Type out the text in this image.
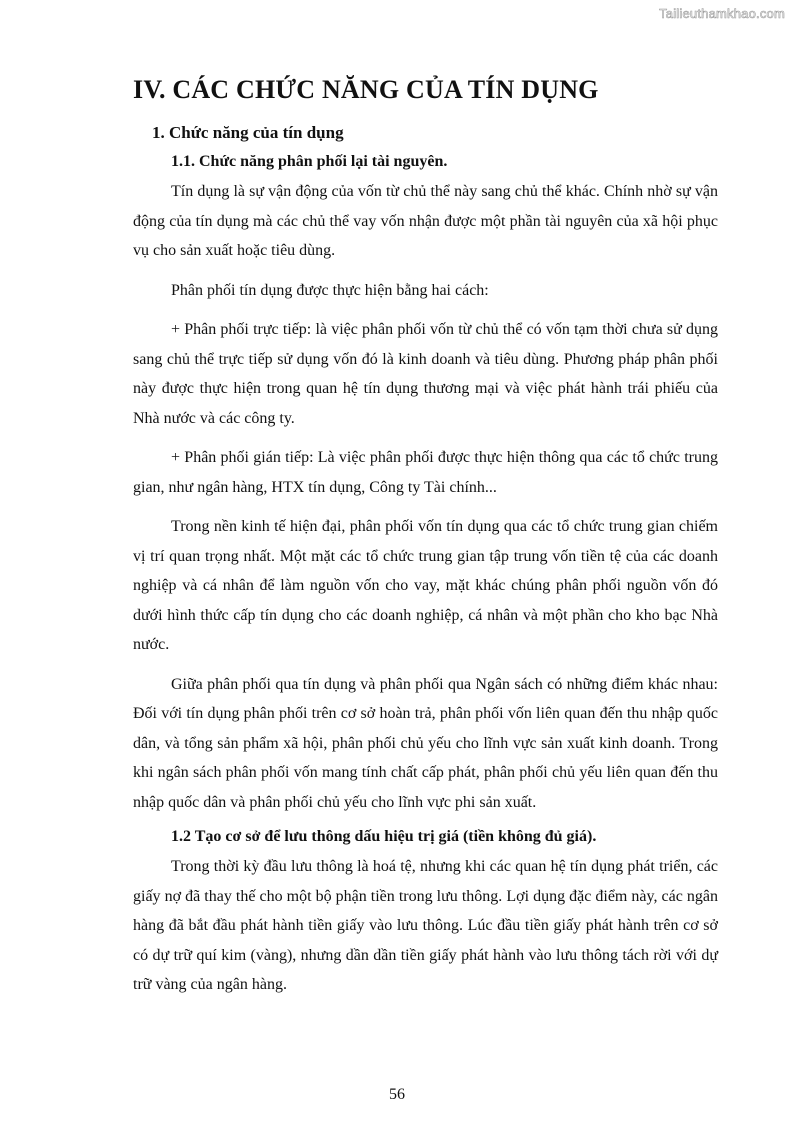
Tailieuthamkhao.com
IV. CÁC CHỨC NĂNG CỦA TÍN DỤNG
1. Chức năng của tín dụng
1.1. Chức năng phân phối lại tài nguyên.

Tín dụng là sự vận động của vốn từ chủ thể này sang chủ thể khác. Chính nhờ sự vận động của tín dụng mà các chủ thể vay vốn nhận được một phần tài nguyên của xã hội phục vụ cho sản xuất hoặc tiêu dùng.

Phân phối tín dụng được thực hiện bằng hai cách:

+ Phân phối trực tiếp: là việc phân phối vốn từ chủ thể có vốn tạm thời chưa sử dụng sang chủ thể trực tiếp sử dụng vốn đó là kinh doanh và tiêu dùng. Phương pháp phân phối này được thực hiện trong quan hệ tín dụng thương mại và việc phát hành trái phiếu của Nhà nước và các công ty.

+ Phân phối gián tiếp: Là việc phân phối được thực hiện thông qua các tổ chức trung gian, như ngân hàng, HTX tín dụng, Công ty Tài chính...

Trong nền kinh tế hiện đại, phân phối vốn tín dụng qua các tổ chức trung gian chiếm vị trí quan trọng nhất. Một mặt các tổ chức trung gian tập trung vốn tiền tệ của các doanh nghiệp và cá nhân để làm nguồn vốn cho vay, mặt khác chúng phân phối nguồn vốn đó dưới hình thức cấp tín dụng cho các doanh nghiệp, cá nhân và một phần cho kho bạc Nhà nước.

Giữa phân phối qua tín dụng và phân phối qua Ngân sách có những điểm khác nhau: Đối với tín dụng phân phối trên cơ sở hoàn trả, phân phối vốn liên quan đến thu nhập quốc dân, và tổng sản phẩm xã hội, phân phối chủ yếu cho lĩnh vực sản xuất kinh doanh. Trong khi ngân sách phân phối vốn mang tính chất cấp phát, phân phối chủ yếu liên quan đến thu nhập quốc dân và phân phối chủ yếu cho lĩnh vực phi sản xuất.

1.2 Tạo cơ sở để lưu thông dấu hiệu trị giá (tiền không đủ giá).

Trong thời kỳ đầu lưu thông là hoá tệ, nhưng khi các quan hệ tín dụng phát triển, các giấy nợ đã thay thế cho một bộ phận tiền trong lưu thông. Lợi dụng đặc điểm này, các ngân hàng đã bắt đầu phát hành tiền giấy vào lưu thông. Lúc đầu tiền giấy phát hành trên cơ sở có dự trữ quí kim (vàng), nhưng dần dần tiền giấy phát hành vào lưu thông tách rời với dự trữ vàng của ngân hàng.

56
